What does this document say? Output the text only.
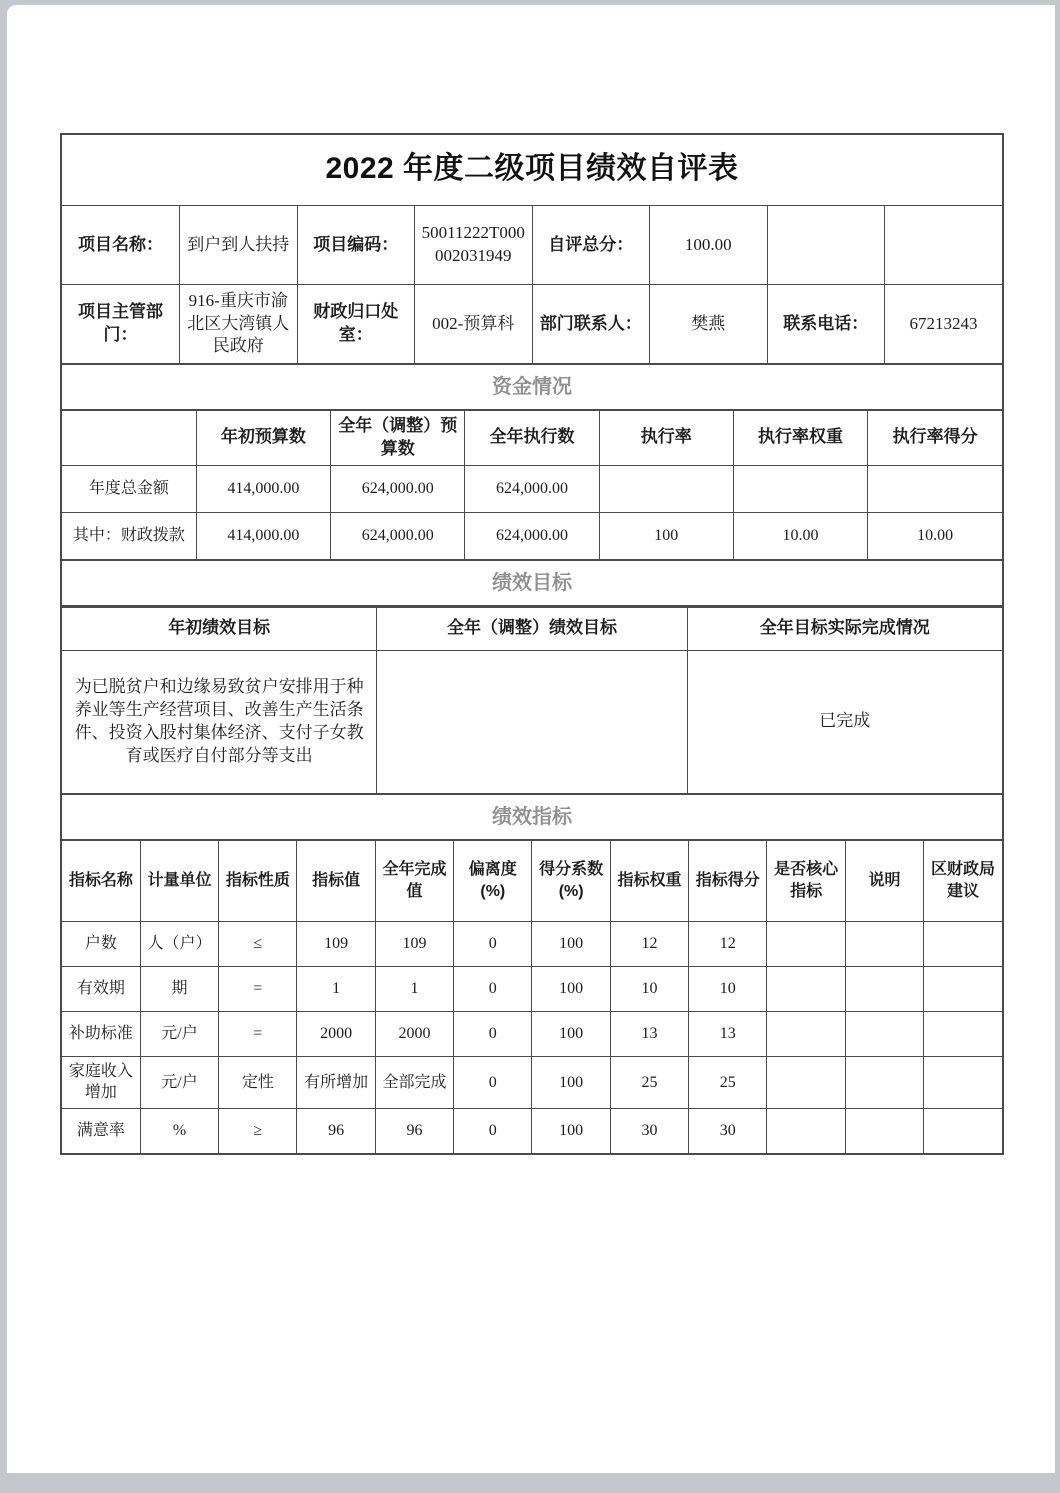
2022 年度二级项目绩效自评表
项目名称：	到户到人扶持	项目编码：	50011222T000002031949	自评总分：	100.00		
项目主管部门：	916-重庆市渝北区大湾镇人民政府	财政归口处室：	002-预算科	部门联系人：	樊燕	联系电话：	67213243
资金情况
	年初预算数	全年（调整）预算数	全年执行数	执行率	执行率权重	执行率得分
年度总金额	414,000.00	624,000.00	624,000.00			
其中：财政拨款	414,000.00	624,000.00	624,000.00	100	10.00	10.00
绩效目标
年初绩效目标	全年（调整）绩效目标	全年目标实际完成情况
为已脱贫户和边缘易致贫户安排用于种养业等生产经营项目、改善生产生活条件、投资入股村集体经济、支付子女教育或医疗自付部分等支出		已完成
绩效指标
指标名称	计量单位	指标性质	指标值	全年完成值	偏离度(%)	得分系数(%)	指标权重	指标得分	是否核心指标	说明	区财政局建议
户数	人（户）	≤	109	109	0	100	12	12			
有效期	期	=	1	1	0	100	10	10			
补助标准	元/户	=	2000	2000	0	100	13	13			
家庭收入增加	元/户	定性	有所增加	全部完成	0	100	25	25			
满意率	%	≥	96	96	0	100	30	30			
